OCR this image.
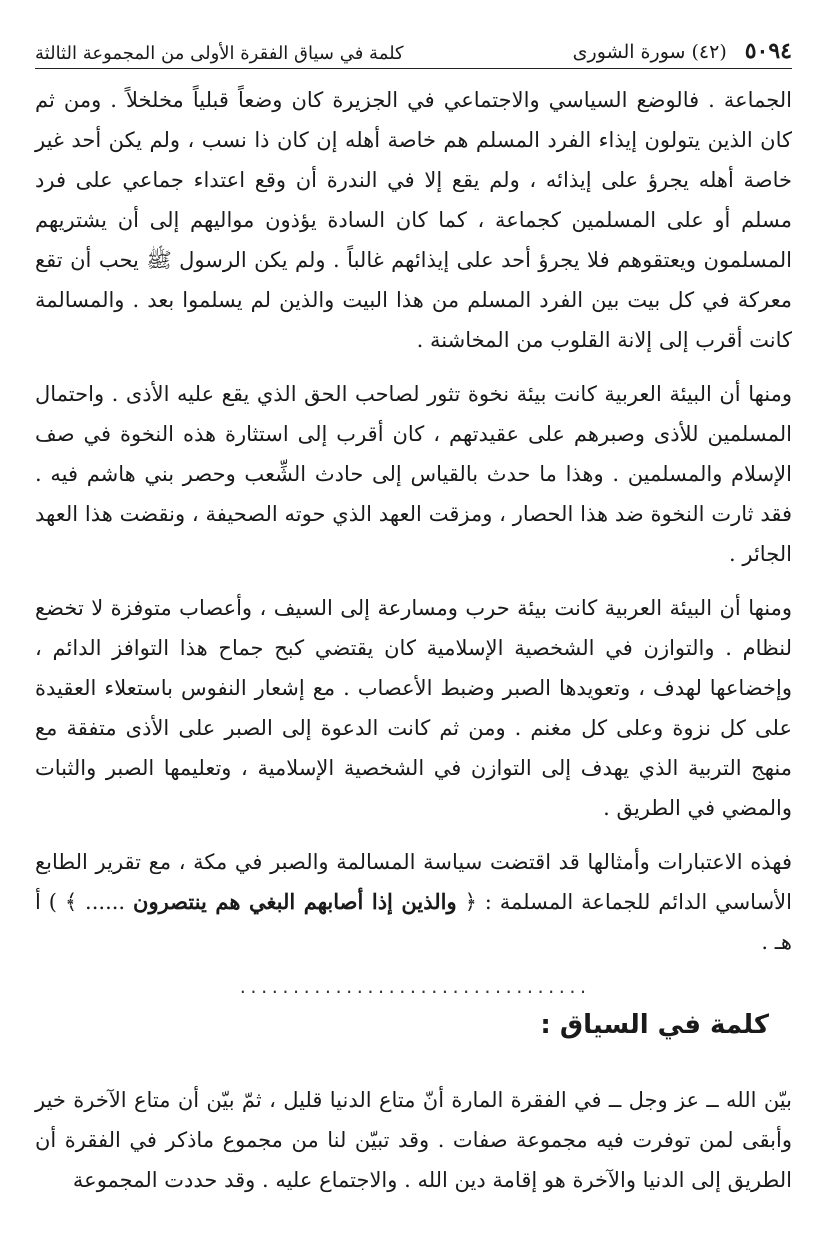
٥٠٩٤
(٤٢) سورة الشورى
كلمة في سياق الفقرة الأولى من المجموعة الثالثة

الجماعة . فالوضع السياسي والاجتماعي في الجزيرة كان وضعاً قبلياً مخلخلاً . ومن ثم كان الذين يتولون إيذاء الفرد المسلم هم خاصة أهله إن كان ذا نسب ، ولم يكن أحد غير خاصة أهله يجرؤ على إيذائه ، ولم يقع إلا في الندرة أن وقع اعتداء جماعي على فرد مسلم أو على المسلمين كجماعة ، كما كان السادة يؤذون مواليهم إلى أن يشتريهم المسلمون ويعتقوهم فلا يجرؤ أحد على إيذائهم غالباً . ولم يكن الرسول ﷺ يحب أن تقع معركة في كل بيت بين الفرد المسلم من هذا البيت والذين لم يسلموا بعد . والمسالمة كانت أقرب إلى إلانة القلوب من المخاشنة .

ومنها أن البيئة العربية كانت بيئة نخوة تثور لصاحب الحق الذي يقع عليه الأذى . واحتمال المسلمين للأذى وصبرهم على عقيدتهم ، كان أقرب إلى استثارة هذه النخوة في صف الإسلام والمسلمين . وهذا ما حدث بالقياس إلى حادث الشِّعب وحصر بني هاشم فيه . فقد ثارت النخوة ضد هذا الحصار ، ومزقت العهد الذي حوته الصحيفة ، ونقضت هذا العهد الجائر .

ومنها أن البيئة العربية كانت بيئة حرب ومسارعة إلى السيف ، وأعصاب متوفزة لا تخضع لنظام . والتوازن في الشخصية الإسلامية كان يقتضي كبح جماح هذا التوافز الدائم ، وإخضاعها لهدف ، وتعويدها الصبر وضبط الأعصاب . مع إشعار النفوس باستعلاء العقيدة على كل نزوة وعلى كل مغنم . ومن ثم كانت الدعوة إلى الصبر على الأذى متفقة مع منهج التربية الذي يهدف إلى التوازن في الشخصية الإسلامية ، وتعليمها الصبر والثبات والمضي في الطريق .

فهذه الاعتبارات وأمثالها قد اقتضت سياسة المسالمة والصبر في مكة ، مع تقرير الطابع الأساسي الدائم للجماعة المسلمة : ﴿ والذين إذا أصابهم البغي هم ينتصرون ...... ﴾ ) أ هـ .

.................................
كلمة في السياق :
بيّن الله ــ عز وجل ــ في الفقرة المارة أنّ متاع الدنيا قليل ، ثمّ بيّن أن متاع الآخرة خير وأبقى لمن توفرت فيه مجموعة صفات . وقد تبيّن لنا من مجموع ماذكر في الفقرة أن الطريق إلى الدنيا والآخرة هو إقامة دين الله . والاجتماع عليه . وقد حددت المجموعة
